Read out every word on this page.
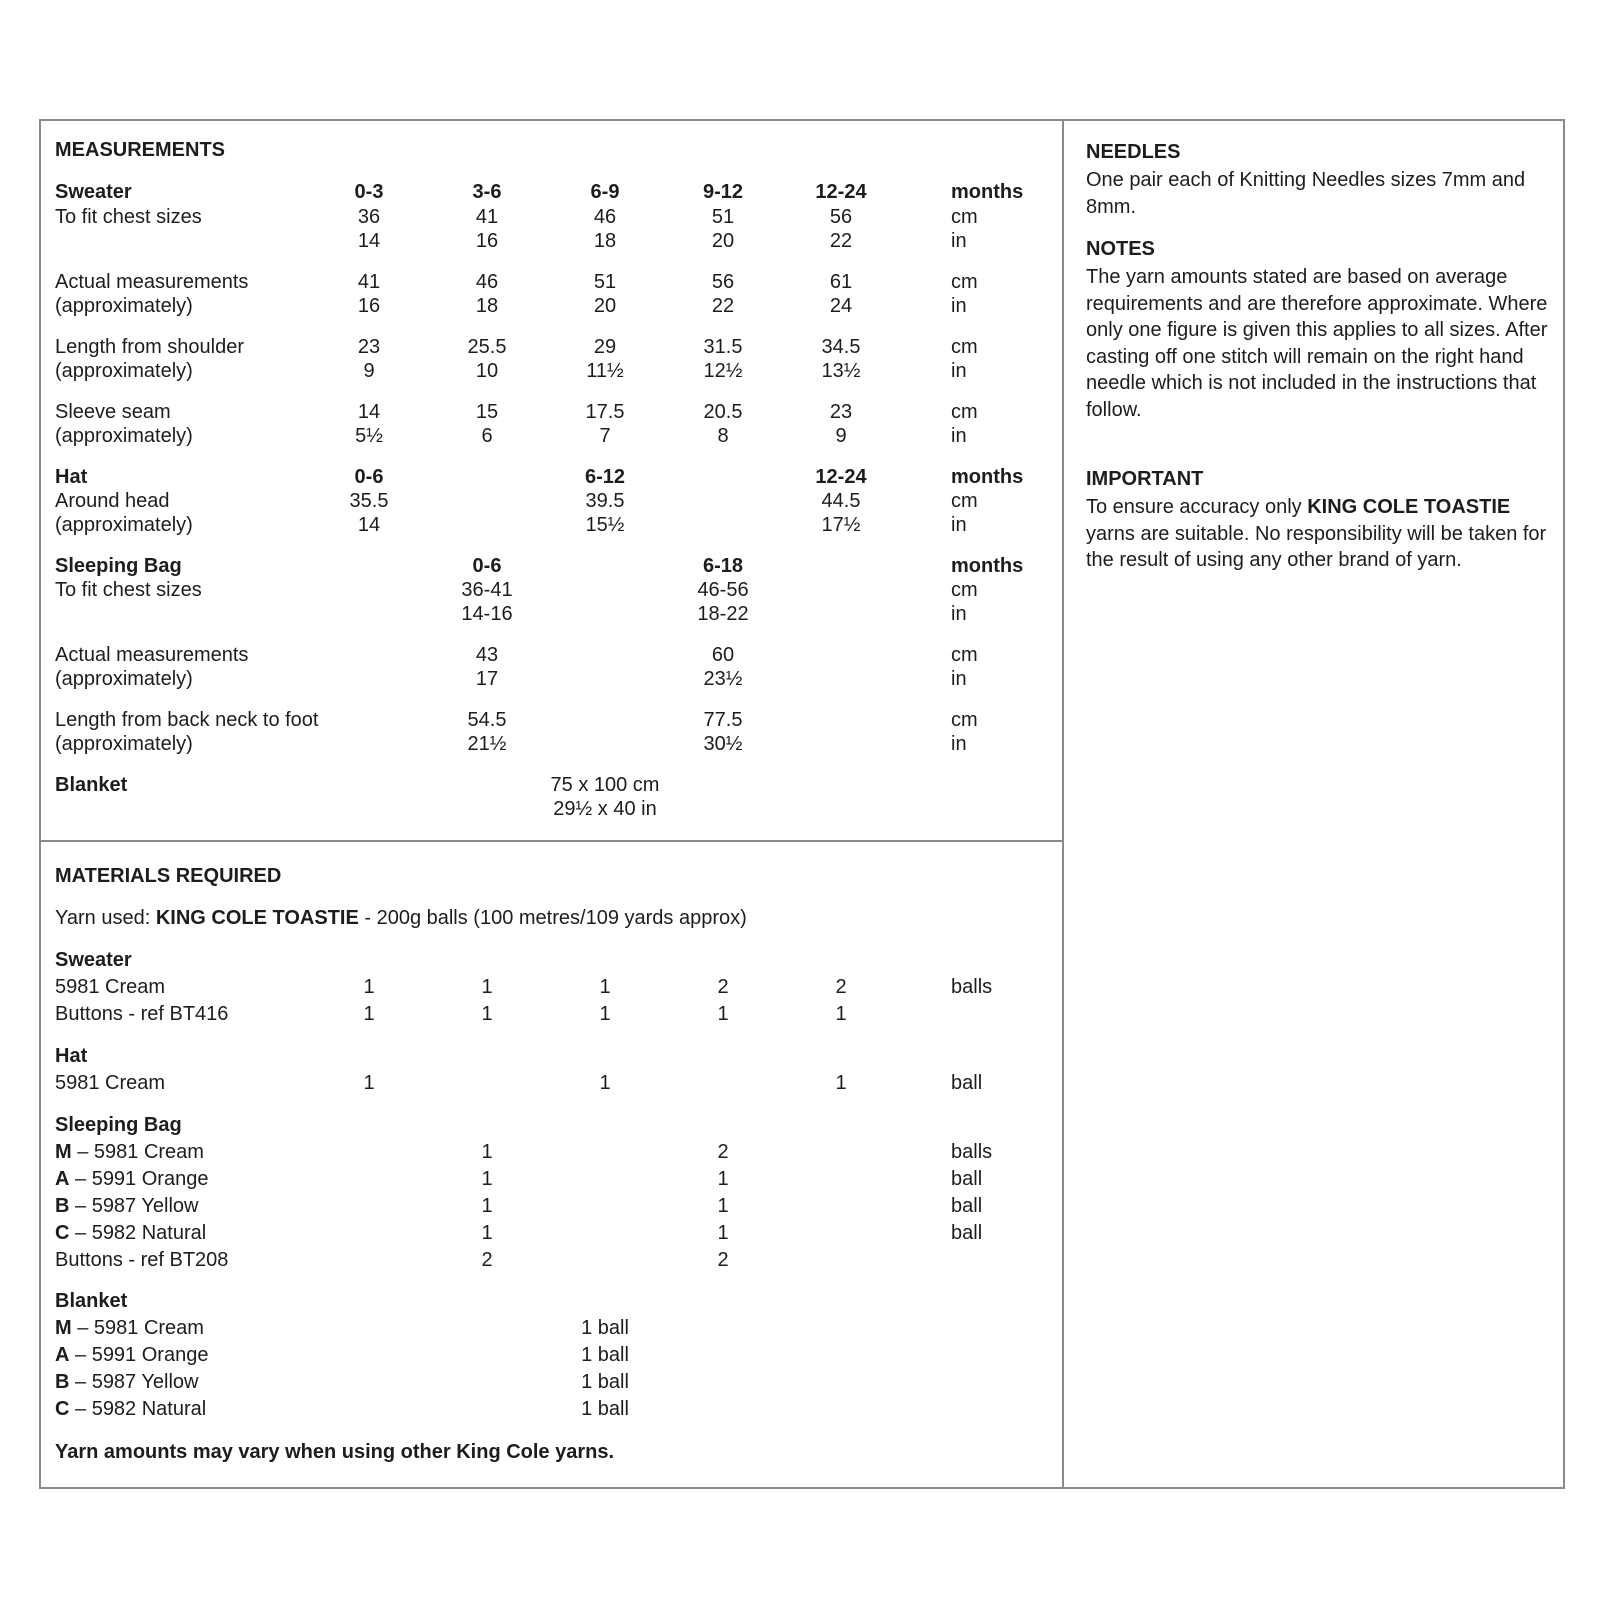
NEEDLES
One pair each of Knitting Needles sizes 7mm and 8mm.
NOTES
The yarn amounts stated are based on average requirements and are therefore approximate. Where only one figure is given this applies to all sizes. After casting off one stitch will remain on the right hand needle which is not included in the instructions that follow.
IMPORTANT
To ensure accuracy only KING COLE TOASTIE yarns are suitable. No responsibility will be taken for the result of using any other brand of yarn.
MEASUREMENTS
Sweater	0-3	3-6	6-9	9-12	12-24	months
To fit chest sizes	36	41	46	51	56	cm
14	16	18	20	22	in
Actual measurements
(approximately)
41	46	51	56	61	cm
16	18	20	22	24	in
Length from shoulder
(approximately)
23	25.5	29	31.5	34.5	cm
9	10	11½	12½	13½	in
Sleeve seam
(approximately)
14	15	17.5	20.5	23	cm
5½	6	7	8	9	in
Hat	0-6	6-12	12-24	months
Around head
(approximately)
35.5	39.5	44.5	cm
14	15½	17½	in
Sleeping Bag	0-6	6-18	months
To fit chest sizes	36-41	46-56	cm
14-16	18-22	in
Actual measurements
(approximately)
43	60	cm
17	23½	in
Length from back neck to foot
(approximately)
54.5	77.5	cm
21½	30½	in
Blanket	75 x 100 cm
29½ x 40 in
MATERIALS REQUIRED
Yarn used: KING COLE TOASTIE - 200g balls (100 metres/109 yards approx)
Sweater
5981 Cream	1	1	1	2	2	balls
Buttons - ref BT416	1	1	1	1	1
Hat
5981 Cream	1	1	1	ball
Sleeping Bag
M – 5981 Cream	1	2	balls
A – 5991 Orange	1	1	ball
B – 5987 Yellow	1	1	ball
C – 5982 Natural	1	1	ball
Buttons - ref BT208	2	2
Blanket
M – 5981 Cream	1 ball
A – 5991 Orange	1 ball
B – 5987 Yellow	1 ball
C – 5982 Natural	1 ball
Yarn amounts may vary when using other King Cole yarns.
